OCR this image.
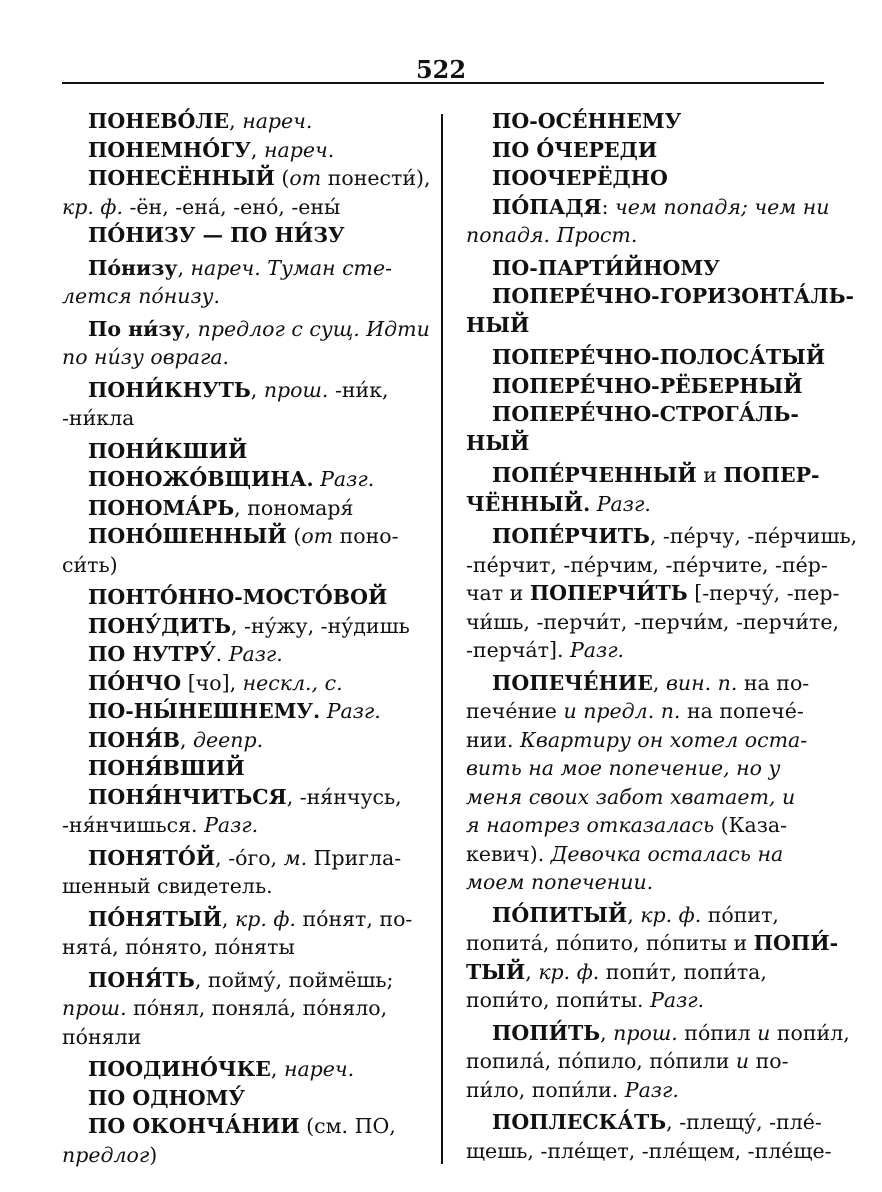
522
ПОНЕВО́ЛЕ, нареч.
ПОНЕМНО́ГУ, нареч.
ПОНЕСЁННЫЙ (от понести́),
кр. ф. -ён, -ена́, -ено́, -ены́
ПО́НИЗУ — ПО НИ́ЗУ
По́низу, нареч. Туман сте-
лется по́низу.
По ни́зу, предлог с сущ. Идти
по ни́зу оврага.
ПОНИ́КНУТЬ, прош. -ни́к,
-ни́кла
ПОНИ́КШИЙ
ПОНОЖО́ВЩИНА. Разг.
ПОНОМА́РЬ, пономаря́
ПОНО́ШЕННЫЙ (от поно-
си́ть)
ПОНТО́ННО-МОСТО́ВОЙ
ПОНУ́ДИТЬ, -ну́жу, -ну́дишь
ПО НУТРУ́. Разг.
ПО́НЧО [чо], нескл., с.
ПО-НЫ́НЕШНЕМУ. Разг.
ПОНЯ́В, деепр.
ПОНЯ́ВШИЙ
ПОНЯ́НЧИТЬСЯ, -ня́нчусь,
-ня́нчишься. Разг.
ПОНЯТО́Й, -о́го, м. Пригла-
шенный свидетель.
ПО́НЯТЫЙ, кр. ф. по́нят, по-
нята́, по́нято, по́няты
ПОНЯ́ТЬ, пойму́, поймёшь;
прош. по́нял, поняла́, по́няло,
по́няли
ПООДИНО́ЧКЕ, нареч.
ПО ОДНОМУ́
ПО ОКОНЧА́НИИ (см. ПО,
предлог)
ПО-ОСЕ́ННЕМУ
ПО О́ЧЕРЕДИ
ПООЧЕРЁДНО
ПО́ПАДЯ: чем попадя; чем ни
попадя. Прост.
ПО-ПАРТИ́ЙНОМУ
ПОПЕРЕ́ЧНО-ГОРИЗОНТА́ЛЬ-
НЫЙ
ПОПЕРЕ́ЧНО-ПОЛОСА́ТЫЙ
ПОПЕРЕ́ЧНО-РЁБЕРНЫЙ
ПОПЕРЕ́ЧНО-СТРОГА́ЛЬ-
НЫЙ
ПОПЕ́РЧЕННЫЙ и ПОПЕР-
ЧЁННЫЙ. Разг.
ПОПЕ́РЧИТЬ, -пе́рчу, -пе́рчишь,
-пе́рчит, -пе́рчим, -пе́рчите, -пе́р-
чат и ПОПЕРЧИ́ТЬ [-перчу́, -пер-
чи́шь, -перчи́т, -перчи́м, -перчи́те,
-перча́т]. Разг.
ПОПЕЧЕ́НИЕ, вин. п. на по-
пече́ние и предл. п. на попече́-
нии. Квартиру он хотел оста-
вить на мое попечение, но у
меня своих забот хватает, и
я наотрез отказалась (Каза-
кевич). Девочка осталась на
моем попечении.
ПО́ПИТЫЙ, кр. ф. по́пит,
попита́, по́пито, по́питы и ПОПИ́-
ТЫЙ, кр. ф. попи́т, попи́та,
попи́то, попи́ты. Разг.
ПОПИ́ТЬ, прош. по́пил и попи́л,
попила́, по́пило, по́пили и по-
пи́ло, попи́ли. Разг.
ПОПЛЕСКА́ТЬ, -плещу́, -пле́-
щешь, -пле́щет, -пле́щем, -пле́ще-
